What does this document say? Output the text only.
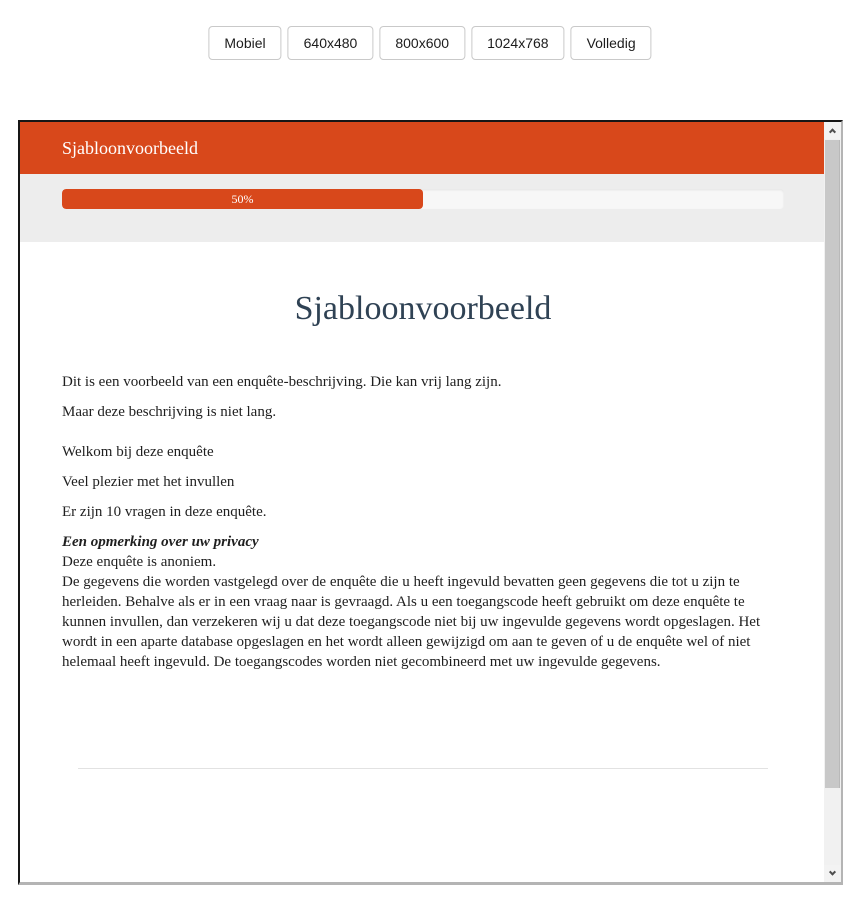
Mobiel	640x480	800x600	1024x768	Volledig
Sjabloonvoorbeeld
50%
Sjabloonvoorbeeld

Dit is een voorbeeld van een enquête-beschrijving. Die kan vrij lang zijn.

Maar deze beschrijving is niet lang.

Welkom bij deze enquête

Veel plezier met het invullen

Er zijn 10 vragen in deze enquête.

Een opmerking over uw privacy

Deze enquête is anoniem.
De gegevens die worden vastgelegd over de enquête die u heeft ingevuld bevatten geen gegevens die tot u zijn te herleiden. Behalve als er in een vraag naar is gevraagd. Als u een toegangscode heeft gebruikt om deze enquête te kunnen invullen, dan verzekeren wij u dat deze toegangscode niet bij uw ingevulde gegevens wordt opgeslagen. Het wordt in een aparte database opgeslagen en het wordt alleen gewijzigd om aan te geven of u de enquête wel of niet helemaal heeft ingevuld. De toegangscodes worden niet gecombineerd met uw ingevulde gegevens.
